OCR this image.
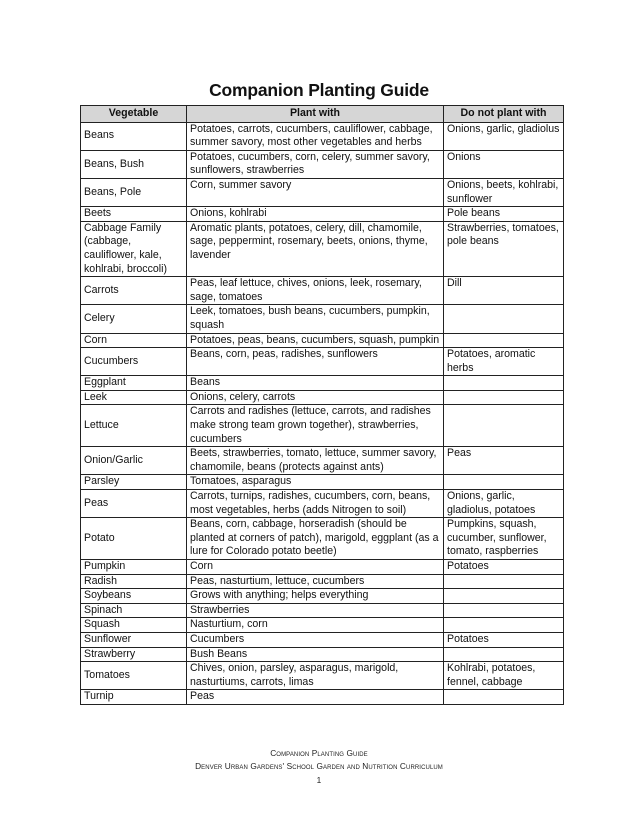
Companion Planting Guide
Vegetable	Plant with	Do not plant with
Beans	Potatoes, carrots, cucumbers, cauliflower, cabbage, summer savory, most other vegetables and herbs	Onions, garlic, gladiolus
Beans, Bush	Potatoes, cucumbers, corn, celery, summer savory, sunflowers, strawberries	Onions
Beans, Pole	Corn, summer savory	Onions, beets, kohlrabi, sunflower
Beets	Onions, kohlrabi	Pole beans
Cabbage Family (cabbage, cauliflower, kale, kohlrabi, broccoli)	Aromatic plants, potatoes, celery, dill, chamomile, sage, peppermint, rosemary, beets, onions, thyme, lavender	Strawberries, tomatoes, pole beans
Carrots	Peas, leaf lettuce, chives, onions, leek, rosemary, sage, tomatoes	Dill
Celery	Leek, tomatoes, bush beans, cucumbers, pumpkin, squash	
Corn	Potatoes, peas, beans, cucumbers, squash, pumpkin	
Cucumbers	Beans, corn, peas, radishes, sunflowers	Potatoes, aromatic herbs
Eggplant	Beans	
Leek	Onions, celery, carrots	
Lettuce	Carrots and radishes (lettuce, carrots, and radishes make strong team grown together), strawberries, cucumbers	
Onion/Garlic	Beets, strawberries, tomato, lettuce, summer savory, chamomile, beans (protects against ants)	Peas
Parsley	Tomatoes, asparagus	
Peas	Carrots, turnips, radishes, cucumbers, corn, beans, most vegetables, herbs (adds Nitrogen to soil)	Onions, garlic, gladiolus, potatoes
Potato	Beans, corn, cabbage, horseradish (should be planted at corners of patch), marigold, eggplant (as a lure for Colorado potato beetle)	Pumpkins, squash, cucumber, sunflower, tomato, raspberries
Pumpkin	Corn	Potatoes
Radish	Peas, nasturtium, lettuce, cucumbers	
Soybeans	Grows with anything; helps everything	
Spinach	Strawberries	
Squash	Nasturtium, corn	
Sunflower	Cucumbers	Potatoes
Strawberry	Bush Beans	
Tomatoes	Chives, onion, parsley, asparagus, marigold, nasturtiums, carrots, limas	Kohlrabi, potatoes, fennel, cabbage
Turnip	Peas	
Companion Planting Guide
Denver Urban Gardens' School Garden and Nutrition Curriculum
1
